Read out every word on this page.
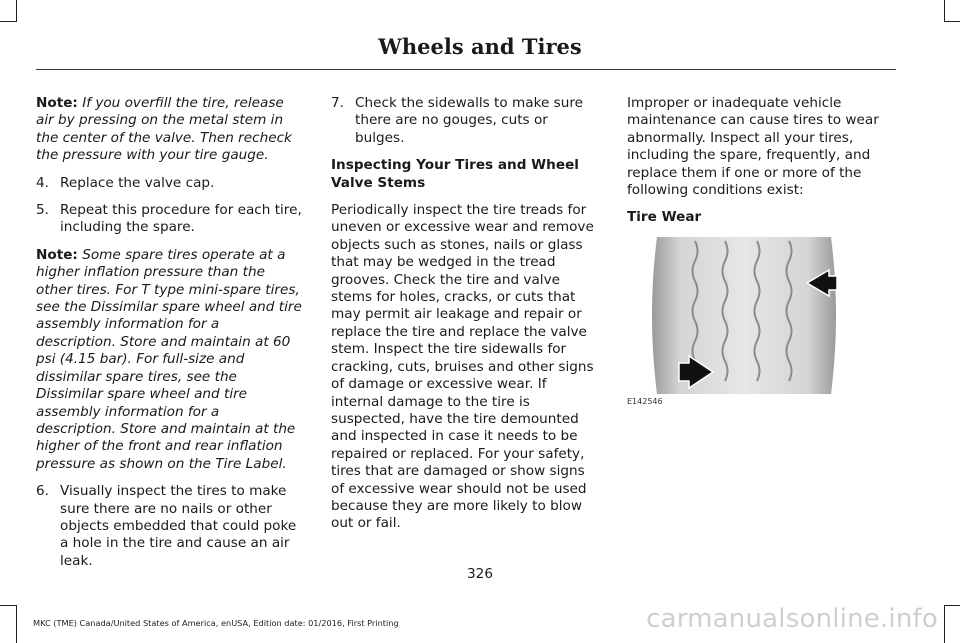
Wheels and Tires

Note: If you overfill the tire, release air by pressing on the metal stem in the center of the valve. Then recheck the pressure with your tire gauge.

4. Replace the valve cap.
5. Repeat this procedure for each tire, including the spare.

Note: Some spare tires operate at a higher inflation pressure than the other tires. For T type mini-spare tires, see the Dissimilar spare wheel and tire assembly information for a description. Store and maintain at 60 psi (4.15 bar). For full-size and dissimilar spare tires, see the Dissimilar spare wheel and tire assembly information for a description. Store and maintain at the higher of the front and rear inflation pressure as shown on the Tire Label.

6. Visually inspect the tires to make sure there are no nails or other objects embedded that could poke a hole in the tire and cause an air leak.
7. Check the sidewalls to make sure there are no gouges, cuts or bulges.
Inspecting Your Tires and Wheel Valve Stems

Periodically inspect the tire treads for uneven or excessive wear and remove objects such as stones, nails or glass that may be wedged in the tread grooves. Check the tire and valve stems for holes, cracks, or cuts that may permit air leakage and repair or replace the tire and replace the valve stem. Inspect the tire sidewalls for cracking, cuts, bruises and other signs of damage or excessive wear. If internal damage to the tire is suspected, have the tire demounted and inspected in case it needs to be repaired or replaced. For your safety, tires that are damaged or show signs of excessive wear should not be used because they are more likely to blow out or fail.

Improper or inadequate vehicle maintenance can cause tires to wear abnormally. Inspect all your tires, including the spare, frequently, and replace them if one or more of the following conditions exist:

Tire Wear
E142546
326
MKC (TME) Canada/United States of America, enUSA, Edition date: 01/2016, First Printing	carmanualsonline.info
